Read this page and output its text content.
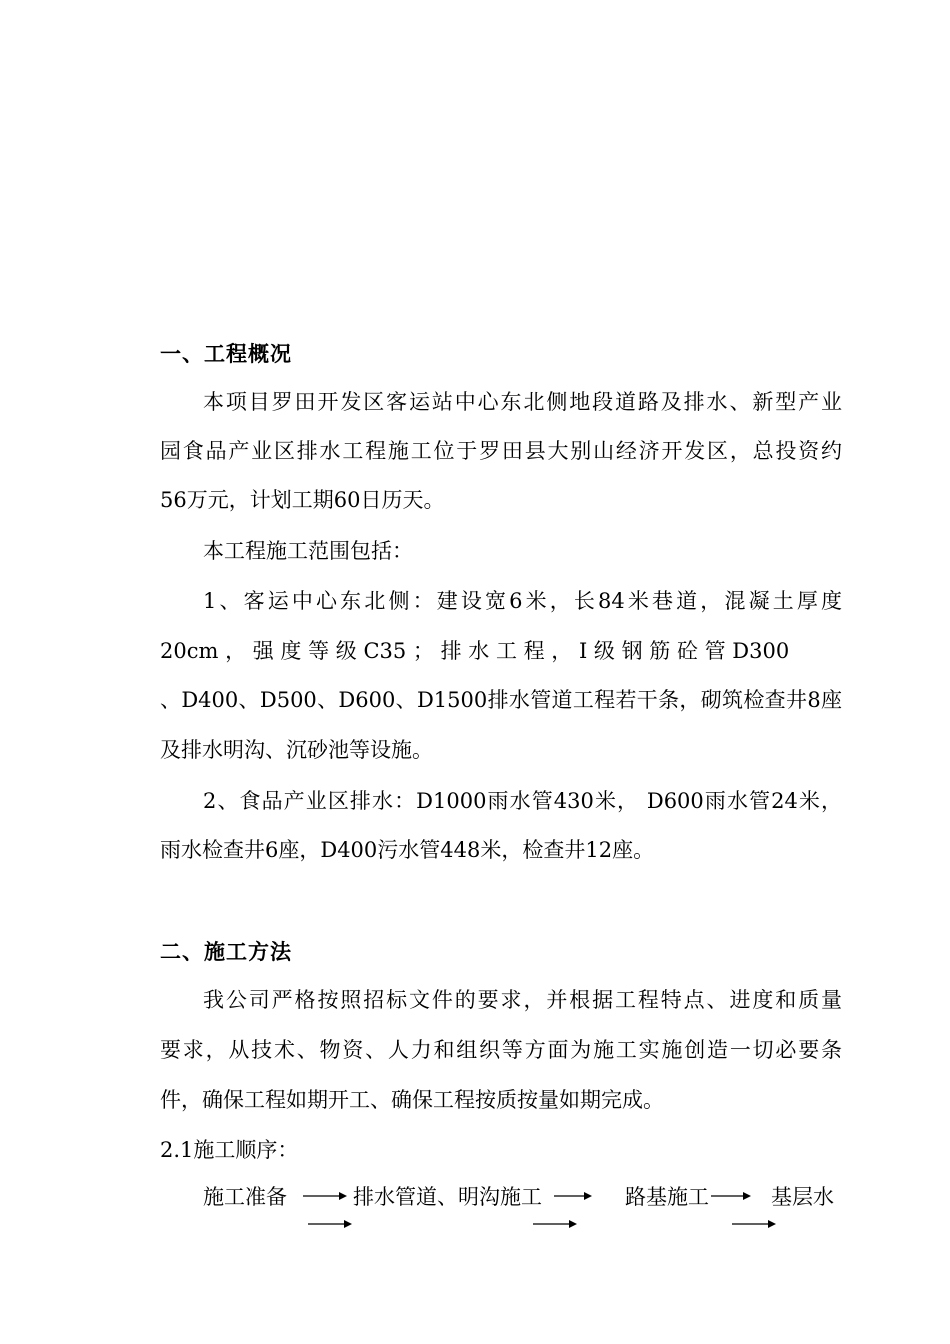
一、工程概况

本项目罗田开发区客运站中心东北侧地段道路及排水、新型产业

园食品产业区排水工程施工位于罗田县大别山经济开发区，总投资约

56万元，计划工期60日历天。

本工程施工范围包括：

1、客运中心东北侧：建设宽6米，长84米巷道，混凝土厚度

20cm ， 强 度 等 级 C35 ； 排 水 工 程 ， I 级 钢 筋 砼 管 D300

、D400、D500、D600、D1500排水管道工程若干条，砌筑检查井8座

及排水明沟、沉砂池等设施。

2、食品产业区排水：D1000雨水管430米， D600雨水管24米，

雨水检查井6座，D400污水管448米，检查井12座。

二、施工方法

我公司严格按照招标文件的要求，并根据工程特点、进度和质量

要求，从技术、物资、人力和组织等方面为施工实施创造一切必要条

件，确保工程如期开工、确保工程按质按量如期完成。

2.1施工顺序：

施工准备	排水管道、明沟施工	路基施工	基层水
